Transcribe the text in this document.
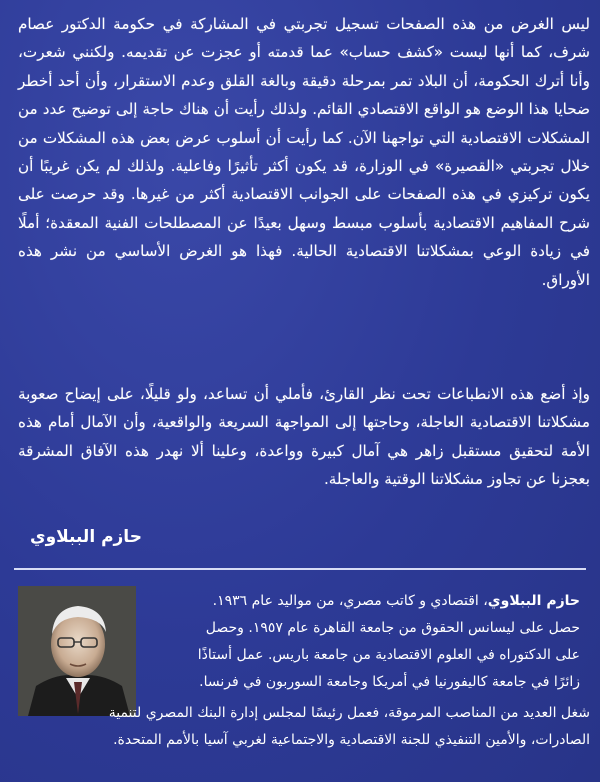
ليس الغرض من هذه الصفحات تسجيل تجربتي في المشاركة في حكومة الدكتور عصام شرف، كما أنها ليست «كشف حساب» عما قدمته أو عجزت عن تقديمه. ولكنني شعرت، وأنا أترك الحكومة، أن البلاد تمر بمرحلة دقيقة وبالغة القلق وعدم الاستقرار، وأن أحد أخطر ضحايا هذا الوضع هو الواقع الاقتصادي القائم. ولذلك رأيت أن هناك حاجة إلى توضيح عدد من المشكلات الاقتصادية التي تواجهنا الآن. كما رأيت أن أسلوب عرض بعض هذه المشكلات من خلال تجربتي «القصيرة» في الوزارة، قد يكون أكثر تأثيرًا وفاعلية. ولذلك لم يكن غريبًا أن يكون تركيزي في هذه الصفحات على الجوانب الاقتصادية أكثر من غيرها. وقد حرصت على شرح المفاهيم الاقتصادية بأسلوب مبسط وسهل بعيدًا عن المصطلحات الفنية المعقدة؛ أملًا في زيادة الوعي بمشكلاتنا الاقتصادية الحالية. فهذا هو الغرض الأساسي من نشر هذه الأوراق.

وإذ أضع هذه الانطباعات تحت نظر القارئ، فأملي أن تساعد، ولو قليلًا، على إيضاح صعوبة مشكلاتنا الاقتصادية العاجلة، وحاجتها إلى المواجهة السريعة والواقعية، وأن الآمال أمام هذه الأمة لتحقيق مستقبل زاهر هي آمال كبيرة وواعدة، وعلينا ألا نهدر هذه الآفاق المشرقة بعجزنا عن تجاوز مشكلاتنا الوقتية والعاجلة.

حازم الببلاوي

حازم الببلاوي، اقتصادي و كاتب مصري، من مواليد عام ١٩٣٦.

حصل على ليسانس الحقوق من جامعة القاهرة عام ١٩٥٧. وحصل

على الدكتوراه في العلوم الاقتصادية من جامعة باريس. عمل أستاذًا

زائرًا في جامعة كاليفورنيا في أمريكا وجامعة السوربون في فرنسا.

شغل العديد من المناصب المرموقة، فعمل رئيسًا لمجلس إدارة البنك المصري لتنمية

الصادرات، والأمين التنفيذي للجنة الاقتصادية والاجتماعية لغربي آسيا بالأمم المتحدة.
